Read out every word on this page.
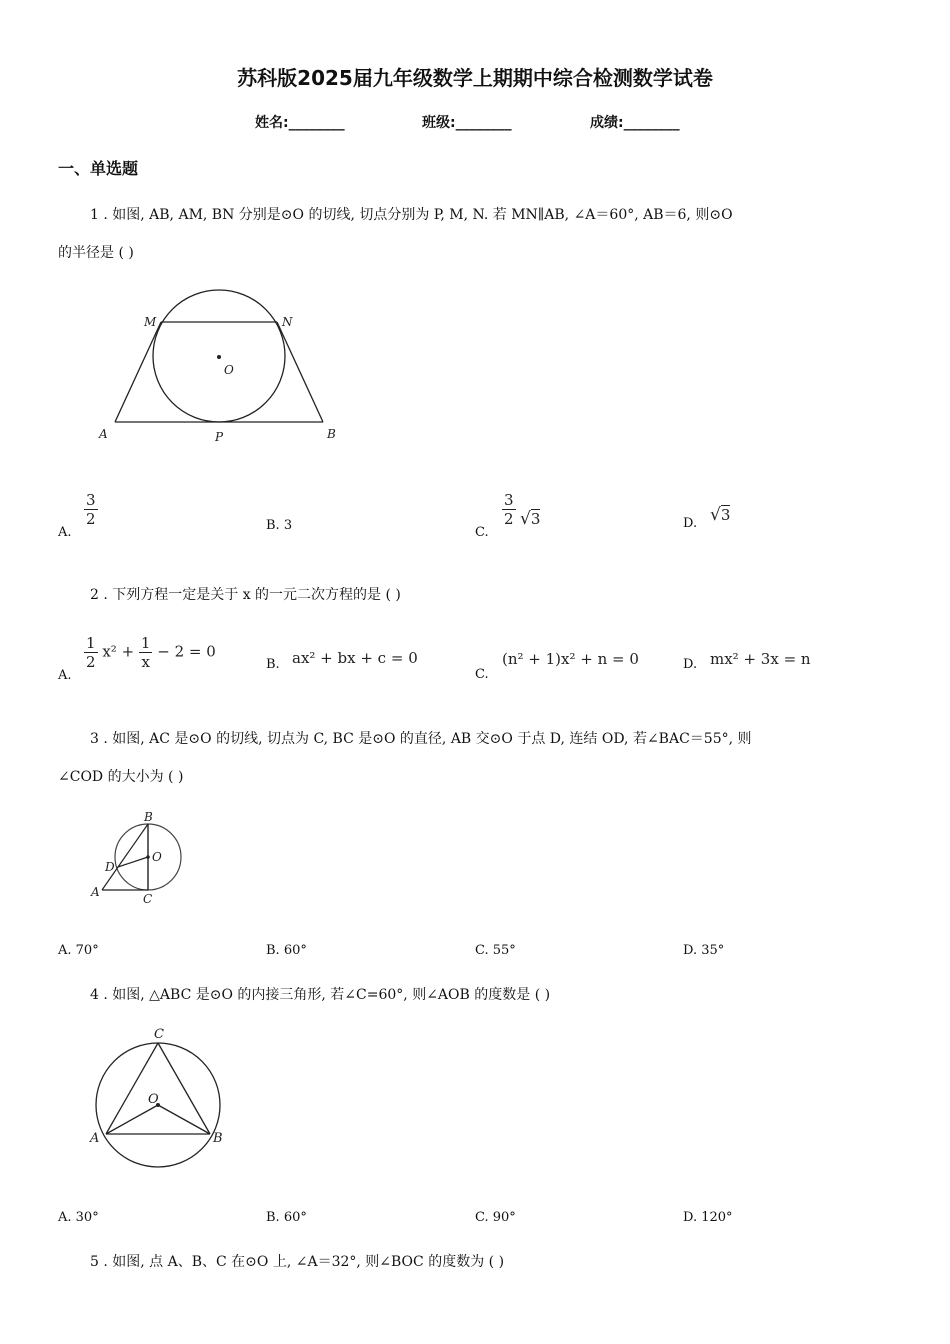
苏科版2025届九年级数学上期期中综合检测数学试卷
姓名:________	班级:________	成绩:________
一、单选题
1 . 如图, AB, AM, BN 分别是⊙O 的切线, 切点分别为 P, M, N. 若 MN∥AB, ∠A＝60°, AB＝6, 则⊙O
的半径是 ( )
M	N
O
A	P	B
A.
$\frac{3}{2}$	B. 3	C.
$\frac{3}{2} √3$	D. √3
2 . 下列方程一定是关于 x 的一元二次方程的是 ( )
A.
$\frac{1}{2} x^2 + \frac{1}{x} - 2 = 0$
B. ax² + bx + c = 0
C.
(n² + 1)x² + n = 0	D. mx² + 3x = n
3 . 如图, AC 是⊙O 的切线, 切点为 C, BC 是⊙O 的直径, AB 交⊙O 于点 D, 连结 OD, 若∠BAC＝55°, 则
∠COD 的大小为 ( )
B
O
D
A	C
A. 70°	B. 60°	C. 55°	D. 35°
4 . 如图, △ABC 是⊙O 的内接三角形, 若∠C=60°, 则∠AOB 的度数是 ( )
C
O
A	B
A. 30°	B. 60°	C. 90°	D. 120°
5 . 如图, 点 A、B、C 在⊙O 上, ∠A＝32°, 则∠BOC 的度数为 ( )
